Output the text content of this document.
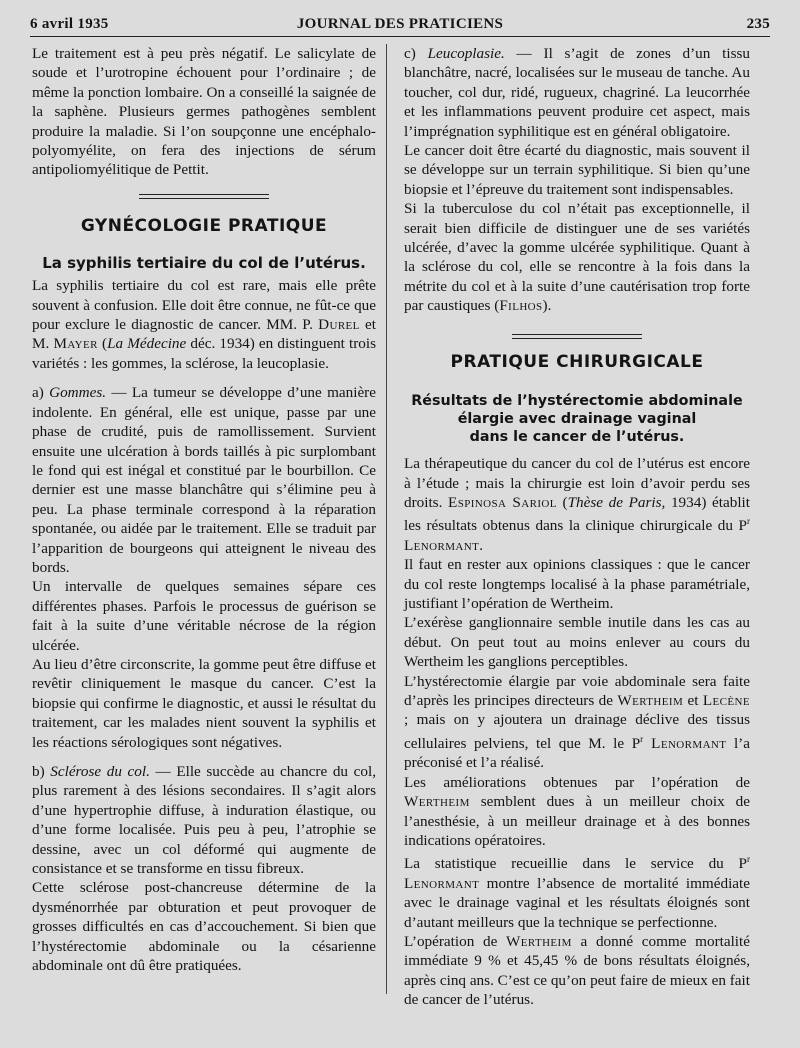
6 avril 1935	JOURNAL DES PRATICIENS	235

Le traitement est à peu près négatif. Le salicylate de soude et l’urotropine échouent pour l’ordinaire ; de même la ponction lombaire. On a conseillé la saignée de la saphène. Plusieurs germes pathogènes semblent produire la maladie. Si l’on soupçonne une encéphalo-polyomyélite, on fera des injections de sérum antipoliomyélitique de Pettit.

GYNÉCOLOGIE PRATIQUE
La syphilis tertiaire du col de l’utérus.

La syphilis tertiaire du col est rare, mais elle prête souvent à confusion. Elle doit être connue, ne fût-ce que pour exclure le diagnostic de cancer. MM. P. Durel et M. Mayer (La Médecine déc. 1934) en distinguent trois variétés : les gommes, la sclérose, la leucoplasie.

a) Gommes. — La tumeur se développe d’une manière indolente. En général, elle est unique, passe par une phase de crudité, puis de ramollissement. Survient ensuite une ulcération à bords taillés à pic surplombant le fond qui est inégal et constitué par le bourbillon. Ce dernier est une masse blanchâtre qui s’élimine peu à peu. La phase terminale correspond à la réparation spontanée, ou aidée par le traitement. Elle se traduit par l’apparition de bourgeons qui atteignent le niveau des bords.

Un intervalle de quelques semaines sépare ces différentes phases. Parfois le processus de guérison se fait à la suite d’une véritable nécrose de la région ulcérée.

Au lieu d’être circonscrite, la gomme peut être diffuse et revêtir cliniquement le masque du cancer. C’est la biopsie qui confirme le diagnostic, et aussi le résultat du traitement, car les malades nient souvent la syphilis et les réactions sérologiques sont négatives.

b) Sclérose du col. — Elle succède au chancre du col, plus rarement à des lésions secondaires. Il s’agit alors d’une hypertrophie diffuse, à induration élastique, ou d’une forme localisée. Puis peu à peu, l’atrophie se dessine, avec un col déformé qui augmente de consistance et se transforme en tissu fibreux.

Cette sclérose post-chancreuse détermine de la dysménorrhée par obturation et peut provoquer de grosses difficultés en cas d’accouchement. Si bien que l’hystérectomie abdominale ou la césarienne abdominale ont dû être pratiquées.

c) Leucoplasie. — Il s’agit de zones d’un tissu blanchâtre, nacré, localisées sur le museau de tanche. Au toucher, col dur, ridé, rugueux, chagriné. La leucorrhée et les inflammations peuvent produire cet aspect, mais l’imprégnation syphilitique est en général obligatoire.

Le cancer doit être écarté du diagnostic, mais souvent il se développe sur un terrain syphilitique. Si bien qu’une biopsie et l’épreuve du traitement sont indispensables.

Si la tuberculose du col n’était pas exceptionnelle, il serait bien difficile de distinguer une de ses variétés ulcérée, d’avec la gomme ulcérée syphilitique. Quant à la sclérose du col, elle se rencontre à la fois dans la métrite du col et à la suite d’une cautérisation trop forte par caustiques (Filhos).

PRATIQUE CHIRURGICALE
Résultats de l’hystérectomie abdominale
élargie avec drainage vaginal
dans le cancer de l’utérus.

La thérapeutique du cancer du col de l’utérus est encore à l’étude ; mais la chirurgie est loin d’avoir perdu ses droits. Espinosa Sariol (Thèse de Paris, 1934) établit les résultats obtenus dans la clinique chirurgicale du $P^r$ Lenormant.

Il faut en rester aux opinions classiques : que le cancer du col reste longtemps localisé à la phase paramétriale, justifiant l’opération de Wertheim.

L’exérèse ganglionnaire semble inutile dans les cas au début. On peut tout au moins enlever au cours du Wertheim les ganglions perceptibles.

L’hystérectomie élargie par voie abdominale sera faite d’après les principes directeurs de Wertheim et Lecène ; mais on y ajoutera un drainage déclive des tissus cellulaires pelviens, tel que M. le $P^r$ Lenormant l’a préconisé et l’a réalisé.

Les améliorations obtenues par l’opération de Wertheim semblent dues à un meilleur choix de l’anesthésie, à un meilleur drainage et à des bonnes indications opératoires.

La statistique recueillie dans le service du $P^r$ Lenormant montre l’absence de mortalité immédiate avec le drainage vaginal et les résultats éloignés sont d’autant meilleurs que la technique se perfectionne.

L’opération de Wertheim a donné comme mortalité immédiate 9 % et 45,45 % de bons résultats éloignés, après cinq ans. C’est ce qu’on peut faire de mieux en fait de cancer de l’utérus.
